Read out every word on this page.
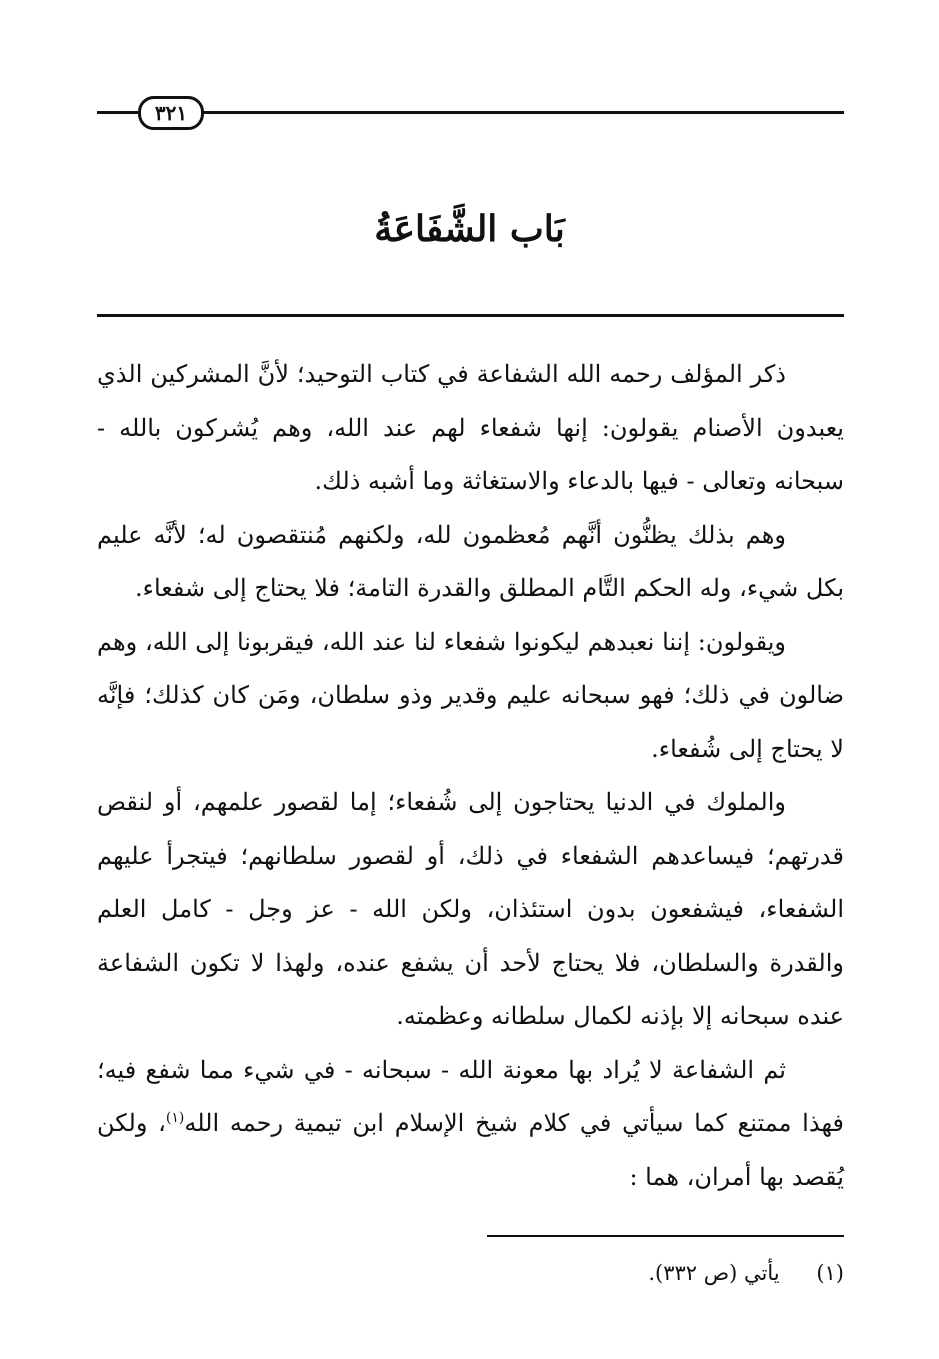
٣٢١
بَاب الشَّفَاعَةُ

ذكر المؤلف رحمه الله الشفاعة في كتاب التوحيد؛ لأنَّ المشركين الذي يعبدون الأصنام يقولون: إنها شفعاء لهم عند الله، وهم يُشركون بالله - سبحانه وتعالى - فيها بالدعاء والاستغاثة وما أشبه ذلك.

وهم بذلك يظنُّون أنَّهم مُعظمون لله، ولكنهم مُنتقصون له؛ لأنَّه عليم بكل شيء، وله الحكم التَّام المطلق والقدرة التامة؛ فلا يحتاج إلى شفعاء.

ويقولون: إننا نعبدهم ليكونوا شفعاء لنا عند الله، فيقربونا إلى الله، وهم ضالون في ذلك؛ فهو سبحانه عليم وقدير وذو سلطان، ومَن كان كذلك؛ فإنَّه لا يحتاج إلى شُفعاء.

والملوك في الدنيا يحتاجون إلى شُفعاء؛ إما لقصور علمهم، أو لنقص قدرتهم؛ فيساعدهم الشفعاء في ذلك، أو لقصور سلطانهم؛ فيتجرأ عليهم الشفعاء، فيشفعون بدون استئذان، ولكن الله - عز وجل - كامل العلم والقدرة والسلطان، فلا يحتاج لأحد أن يشفع عنده، ولهذا لا تكون الشفاعة عنده سبحانه إلا بإذنه لكمال سلطانه وعظمته.

ثم الشفاعة لا يُراد بها معونة الله - سبحانه - في شيء مما شفع فيه؛ فهذا ممتنع كما سيأتي في كلام شيخ الإسلام ابن تيمية رحمه الله$^{(١)}$، ولكن يُقصد بها أمران، هما :

(١) يأتي (ص ٣٣٢).
